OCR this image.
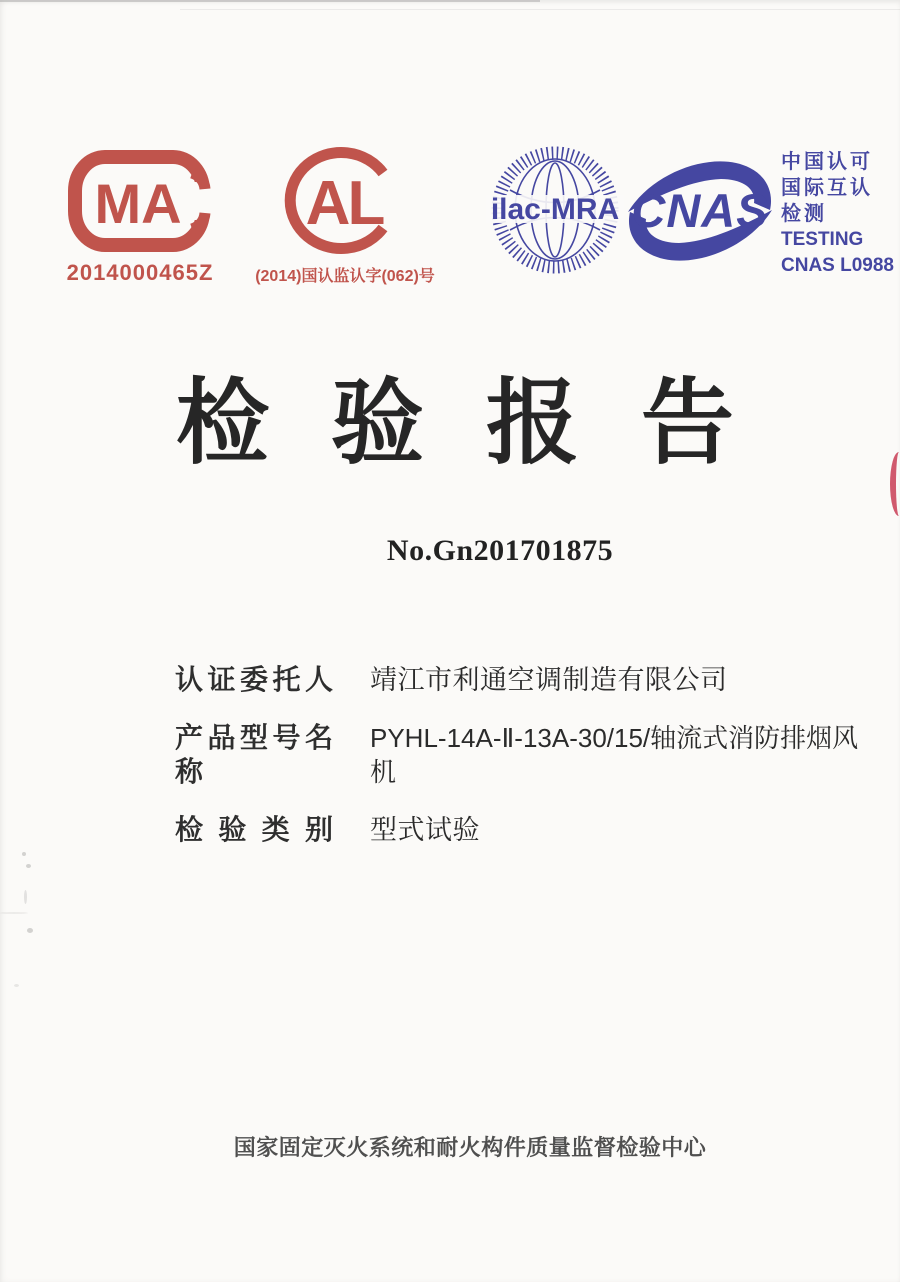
MA
2014000465Z
AL
(2014)国认监认字(062)号
ilac-MRA CNAS
中国认可
国际互认
检测
TESTING
CNAS L0988
检验报告
No.Gn201701875
认证委托人 靖江市利通空调制造有限公司
产品型号名称
PYHL-14A-Ⅱ-13A-30/15/轴流式消防排烟风机
检验类别 型式试验
国家固定灭火系统和耐火构件质量监督检验中心
